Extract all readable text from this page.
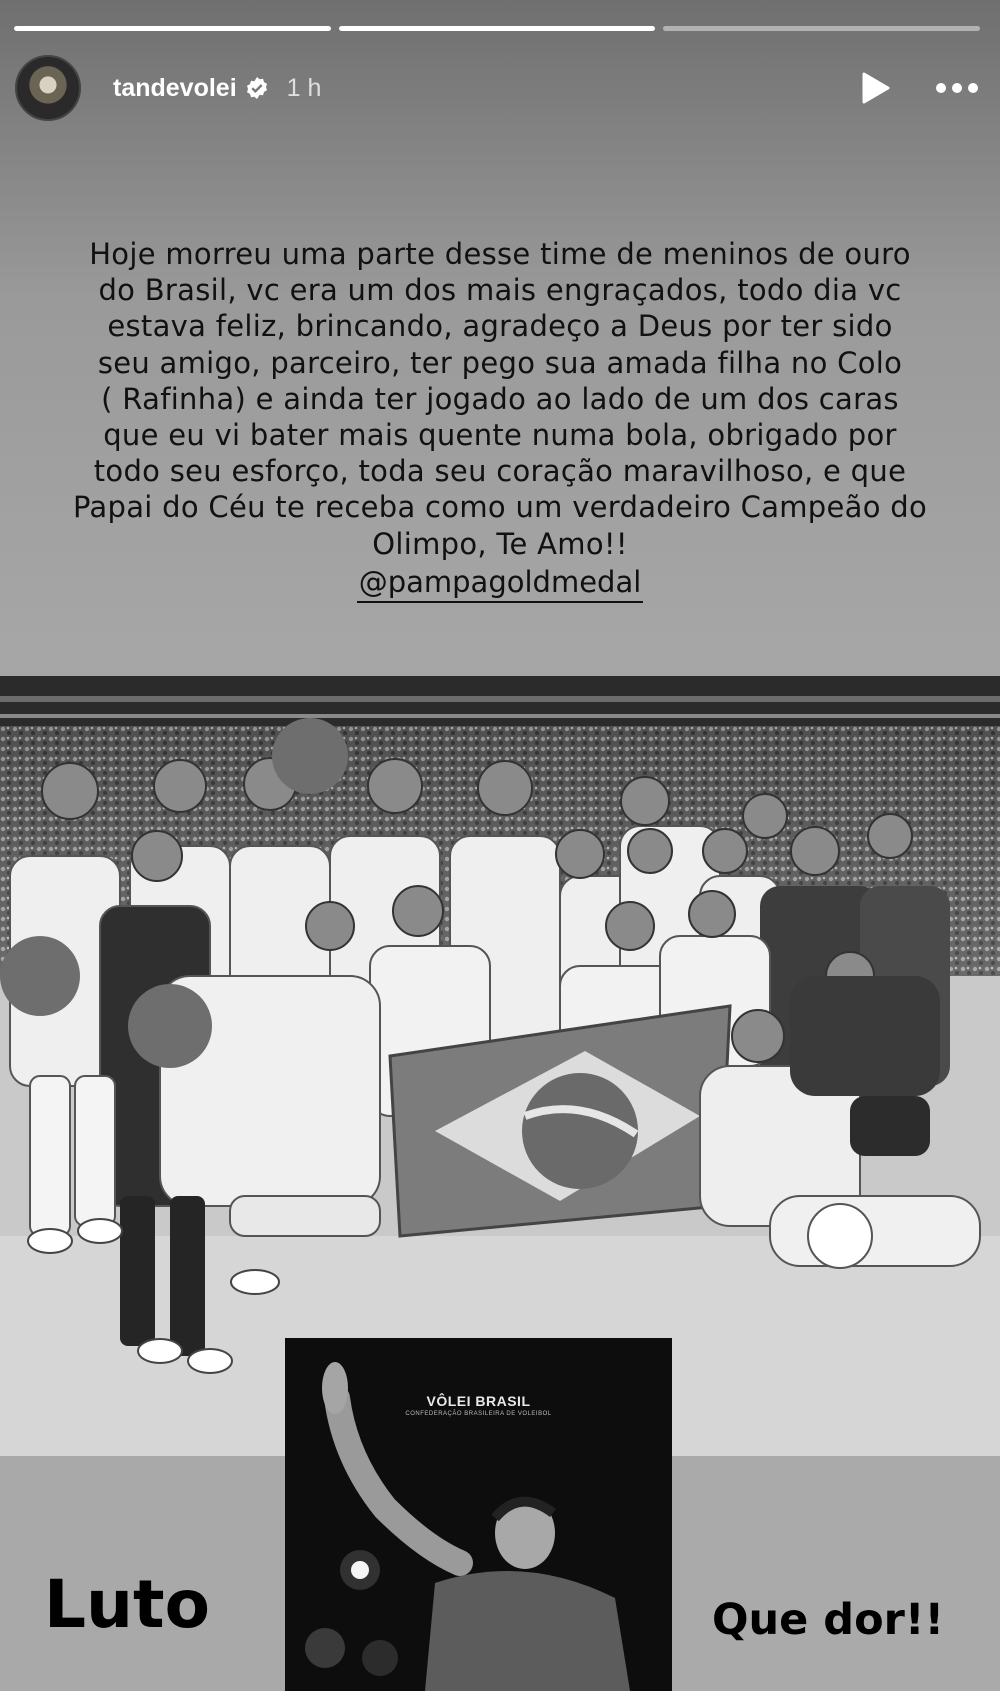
tandevolei 1 h

Hoje morreu uma parte desse time de meninos de ouro

do Brasil, vc era um dos mais engraçados, todo dia vc

estava feliz, brincando, agradeço a Deus por ter sido

seu amigo, parceiro, ter pego sua amada filha no Colo

( Rafinha) e ainda ter jogado ao lado de um dos caras

que eu vi bater mais quente numa bola, obrigado por

todo seu esforço, toda seu coração maravilhoso, e que

Papai do Céu te receba como um verdadeiro Campeão do

Olimpo, Te Amo!!

@pampagoldmedal
VÔLEI BRASIL
CONFEDERAÇÃO BRASILEIRA DE VOLEIBOL
Luto	Que dor!!
